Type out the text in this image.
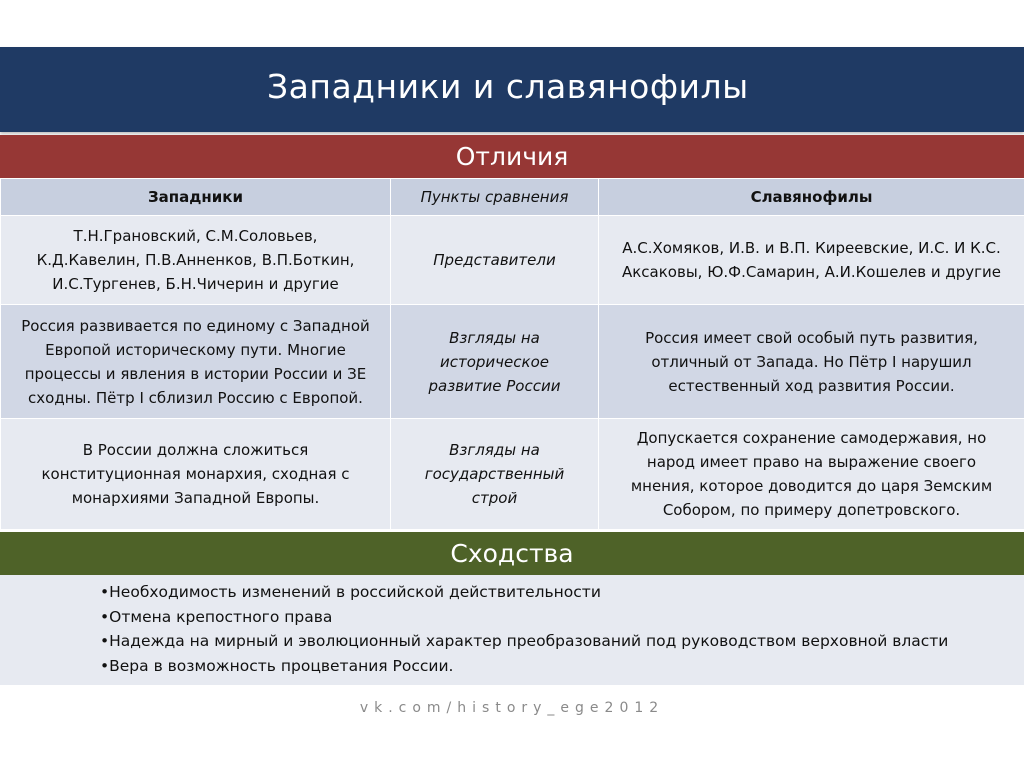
Западники и славянофилы
Отличия
Западники	Пункты сравнения	Славянофилы
Т.Н.Грановский, С.М.Соловьев, К.Д.Кавелин, П.В.Анненков, В.П.Боткин, И.С.Тургенев, Б.Н.Чичерин и другие	Представители	А.С.Хомяков, И.В. и В.П. Киреевские, И.С. И К.С. Аксаковы, Ю.Ф.Самарин, А.И.Кошелев и другие
Россия развивается по единому с Западной Европой историческому пути. Многие процессы и явления в истории России и ЗЕ сходны. Пётр I сблизил Россию с Европой.	Взгляды на историческое развитие России	Россия имеет свой особый путь развития, отличный от Запада. Но Пётр I нарушил естественный ход развития России.
В России должна сложиться конституционная монархия, сходная с монархиями Западной Европы.	Взгляды на государственный строй	Допускается сохранение самодержавия, но народ имеет право на выражение своего мнения, которое доводится до царя Земским Собором, по примеру допетровского.
Сходства
•Необходимость изменений в российской действительности
•Отмена крепостного права
•Надежда на мирный и эволюционный характер преобразований под руководством верховной власти
•Вера в возможность процветания России.
vk.com/history_ege2012
